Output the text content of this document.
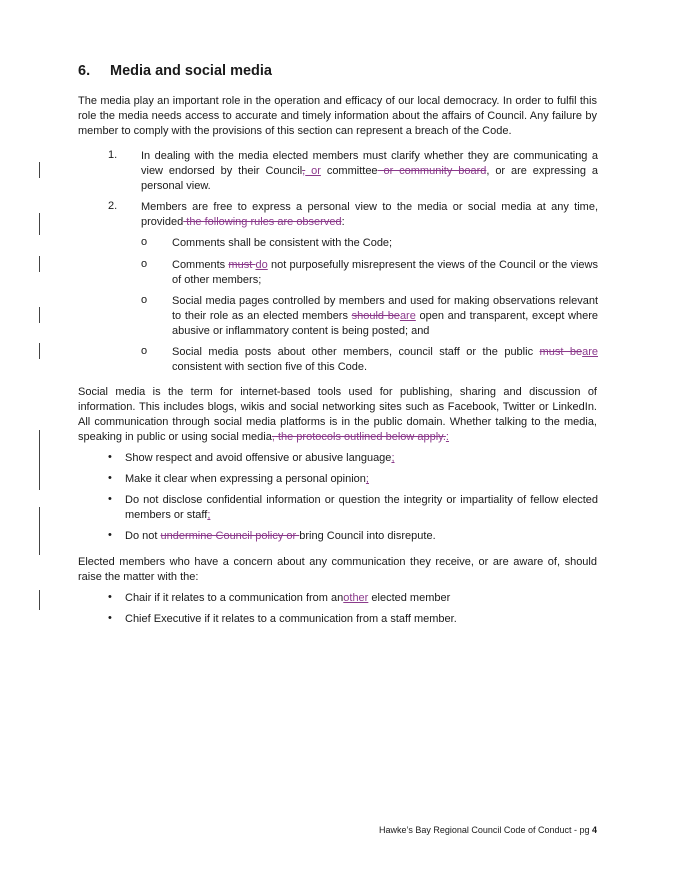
6. Media and social media

The media play an important role in the operation and efficacy of our local democracy. In order to fulfil this role the media needs access to accurate and timely information about the affairs of Council. Any failure by member to comply with the provisions of this section can represent a breach of the Code.

1. In dealing with the media elected members must clarify whether they are communicating a view endorsed by their Council, or committee or community board, or are expressing a personal view.
2. Members are free to express a personal view to the media or social media at any time, provided the following rules are observed:
o Comments shall be consistent with the Code;
o Comments must do not purposefully misrepresent the views of the Council or the views of other members;
o Social media pages controlled by members and used for making observations relevant to their role as an elected members should beare open and transparent, except where abusive or inflammatory content is being posted; and
o Social media posts about other members, council staff or the public must beare consistent with section five of this Code.

Social media is the term for internet-based tools used for publishing, sharing and discussion of information. This includes blogs, wikis and social networking sites such as Facebook, Twitter or LinkedIn. All communication through social media platforms is in the public domain. Whether talking to the media, speaking in public or using social media, the protocols outlined below apply.:

• Show respect and avoid offensive or abusive language;
• Make it clear when expressing a personal opinion;
• Do not disclose confidential information or question the integrity or impartiality of fellow elected members or staff;
• Do not undermine Council policy or bring Council into disrepute.

Elected members who have a concern about any communication they receive, or are aware of, should raise the matter with the:

• Chair if it relates to a communication from another elected member
• Chief Executive if it relates to a communication from a staff member.
Hawke’s Bay Regional Council Code of Conduct - pg 4
